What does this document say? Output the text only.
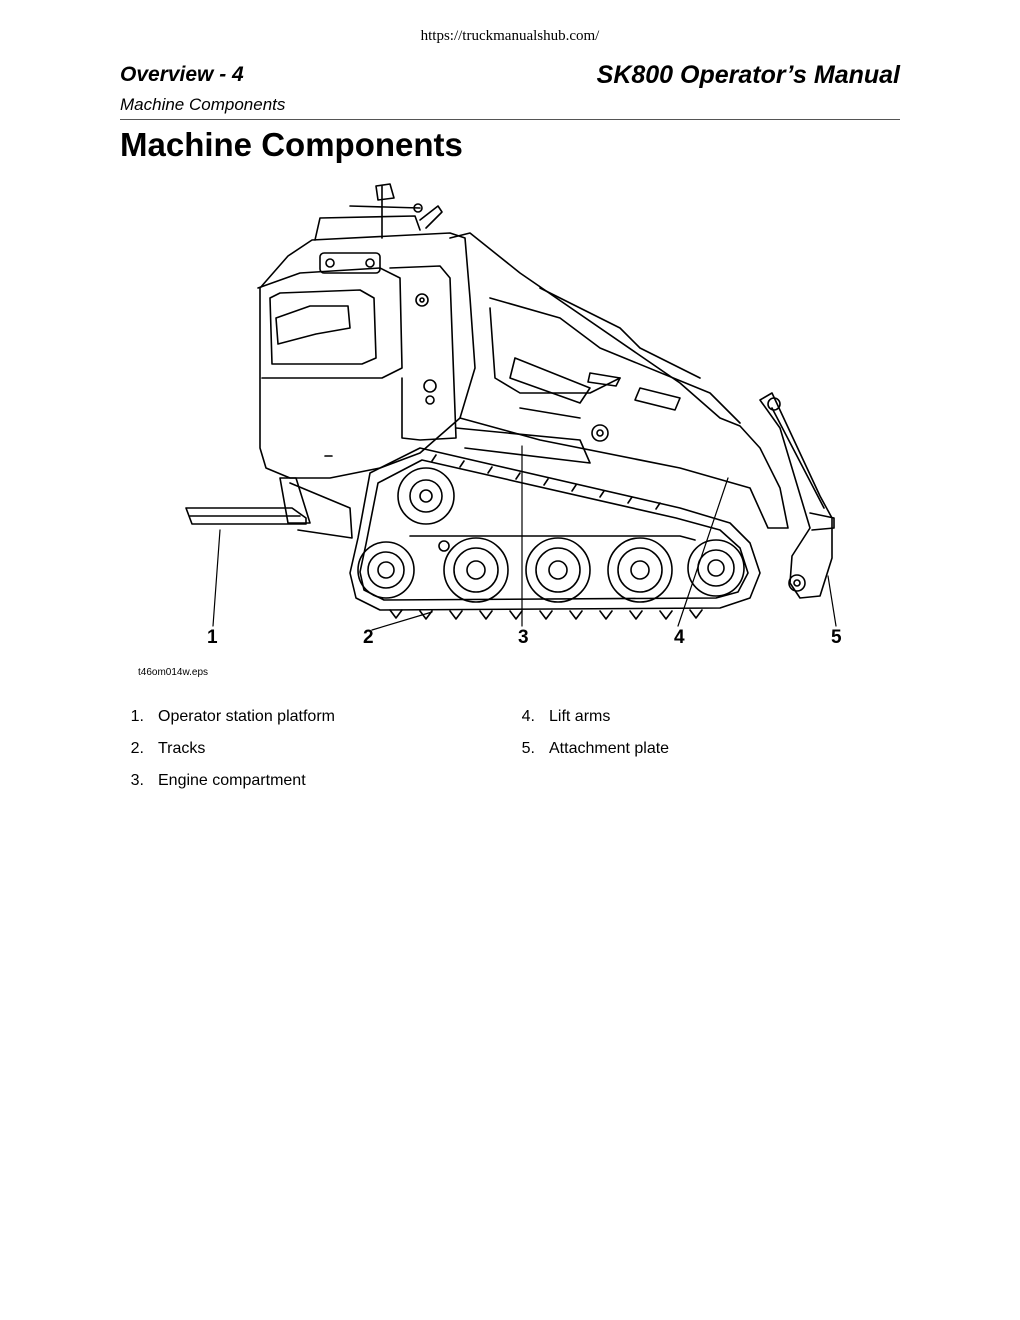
https://truckmanualshub.com/
Overview - 4	SK800 Operator’s Manual
Machine Components
Machine Components
1	2	3	4	5
t46om014w.eps
1. Operator station platform
2. Tracks
3. Engine compartment
4. Lift arms
5. Attachment plate
